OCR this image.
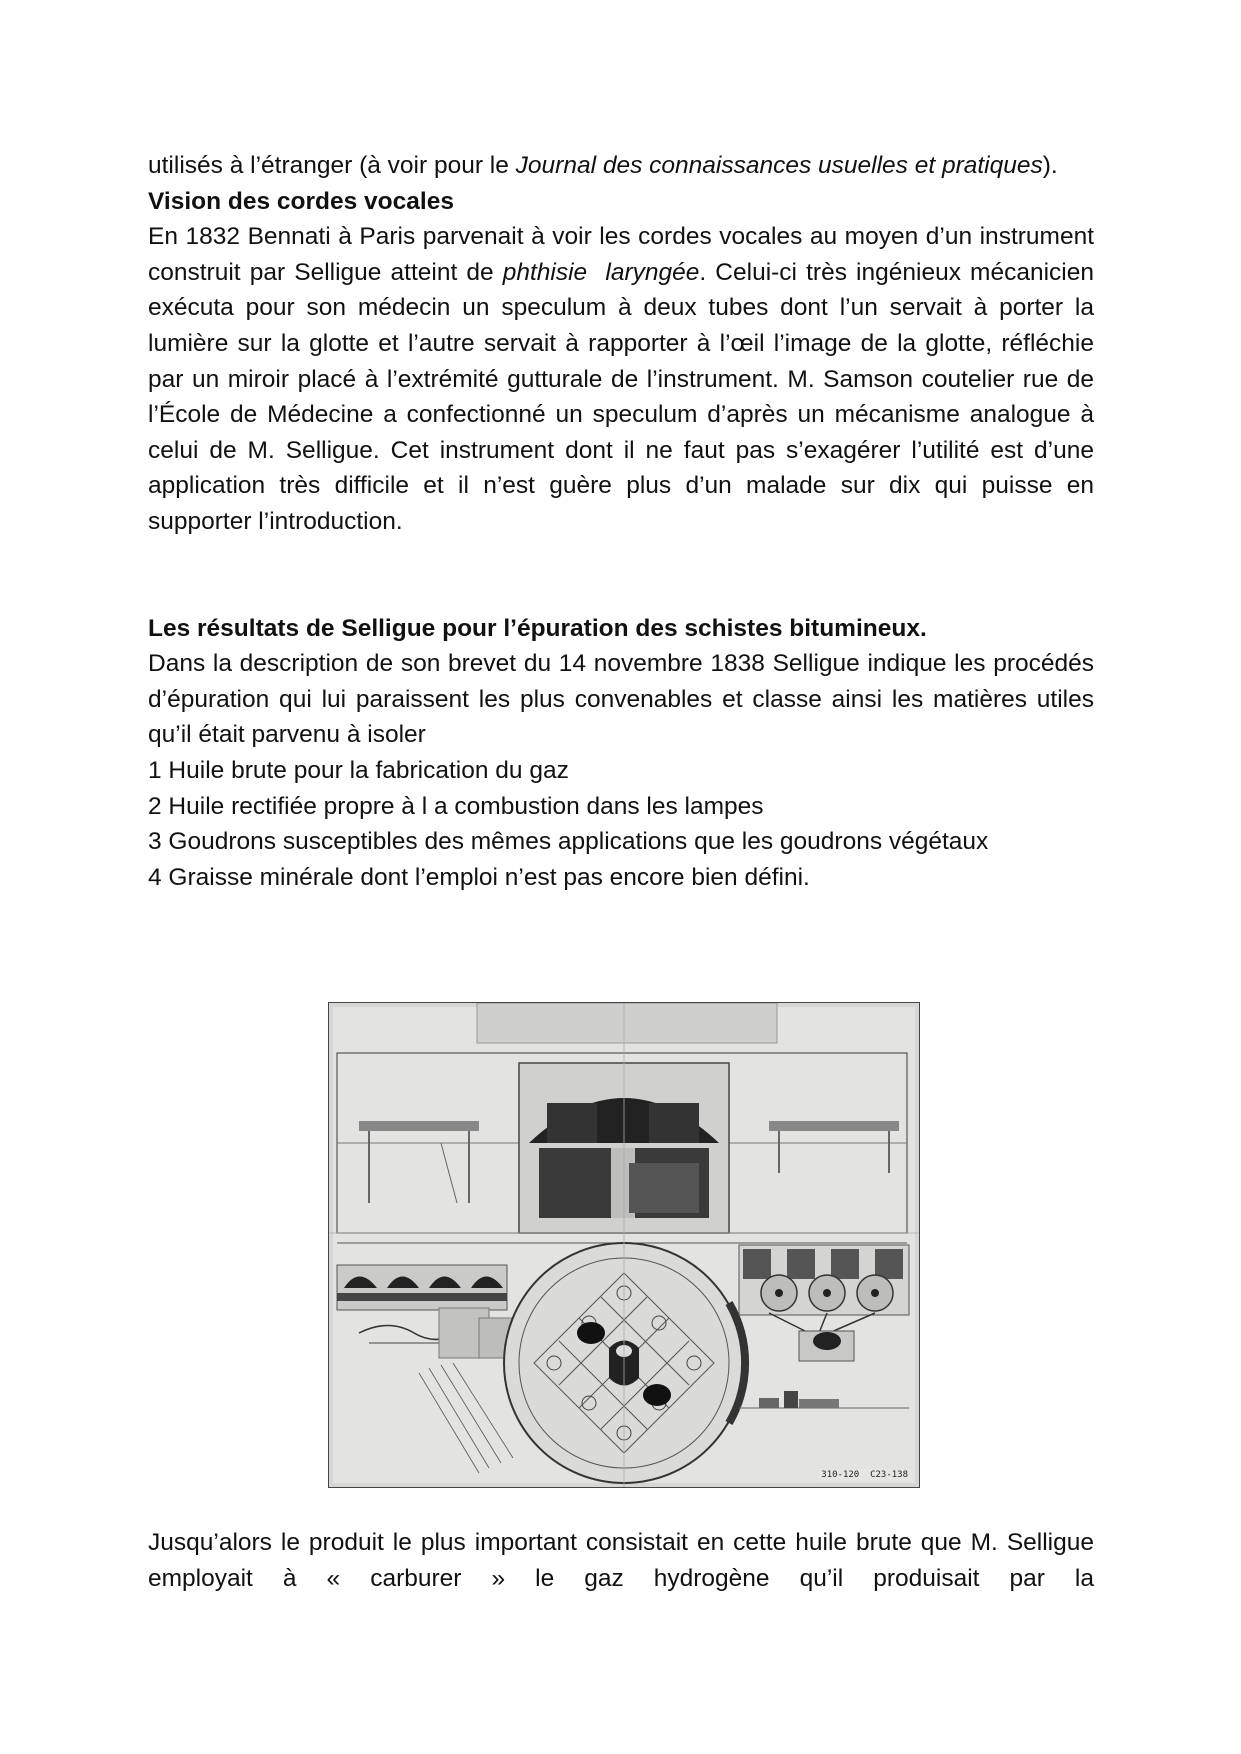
utilisés à l’étranger (à voir pour le Journal des connaissances usuelles et pratiques).

Vision des cordes vocales

En 1832 Bennati à Paris parvenait à voir les cordes vocales au moyen d’un instrument construit par Selligue atteint de phthisie  laryngée. Celui-ci très ingénieux mécanicien exécuta pour son médecin un speculum à deux tubes dont l’un servait à porter la lumière sur la glotte et l’autre servait à rapporter à l’œil l’image de la glotte, réfléchie par un miroir placé à l’extrémité gutturale de l’instrument. M. Samson coutelier rue de l’École de Médecine a confectionné un speculum d’après un mécanisme analogue à celui de M. Selligue. Cet instrument dont il ne faut pas s’exagérer l’utilité est d’une application très difficile et il n’est guère plus d’un malade sur dix qui puisse en supporter l’introduction.

Les résultats de Selligue pour l’épuration des schistes bitumineux.

Dans la description de son brevet du 14 novembre 1838 Selligue indique les procédés d’épuration qui lui paraissent les plus convenables et classe ainsi les matières utiles qu’il était parvenu à isoler

1 Huile brute pour la fabrication du gaz

2 Huile rectifiée propre à l a combustion dans les lampes

3 Goudrons susceptibles des mêmes applications que les goudrons végétaux

4 Graisse minérale dont l’emploi n’est pas encore bien défini.

310-120 C23-138

Jusqu’alors le produit le plus important consistait en cette huile brute que M. Selligue employait à « carburer » le gaz hydrogène qu’il produisait par la
